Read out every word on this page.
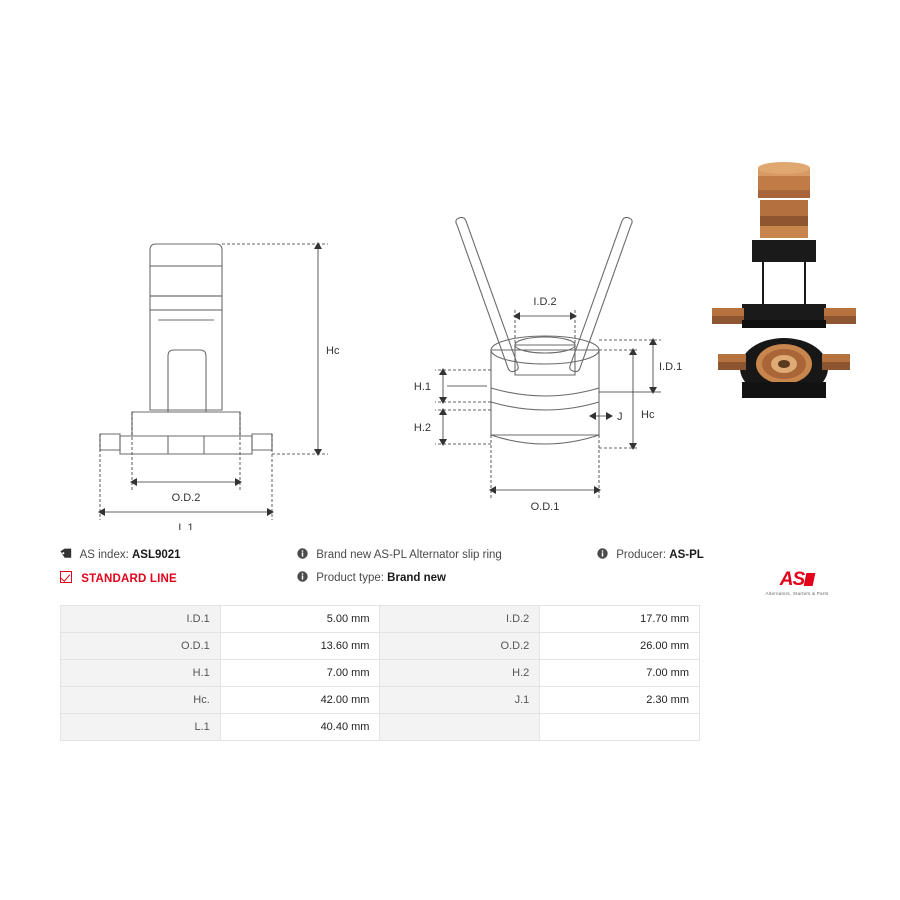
Hc
O.D.2
L.1
I.D.2
I.D.1
Hc
J
H.1
H.2
O.D.1
AS index: ASL9021	Brand new AS-PL Alternator slip ring	Producer: AS-PL
STANDARD LINE	Product type: Brand new	AS
Alternators, Starters & Parts
I.D.1	5.00 mm	I.D.2	17.70 mm
O.D.1	13.60 mm	O.D.2	26.00 mm
H.1	7.00 mm	H.2	7.00 mm
Hc.	42.00 mm	J.1	2.30 mm
L.1	40.40 mm		
